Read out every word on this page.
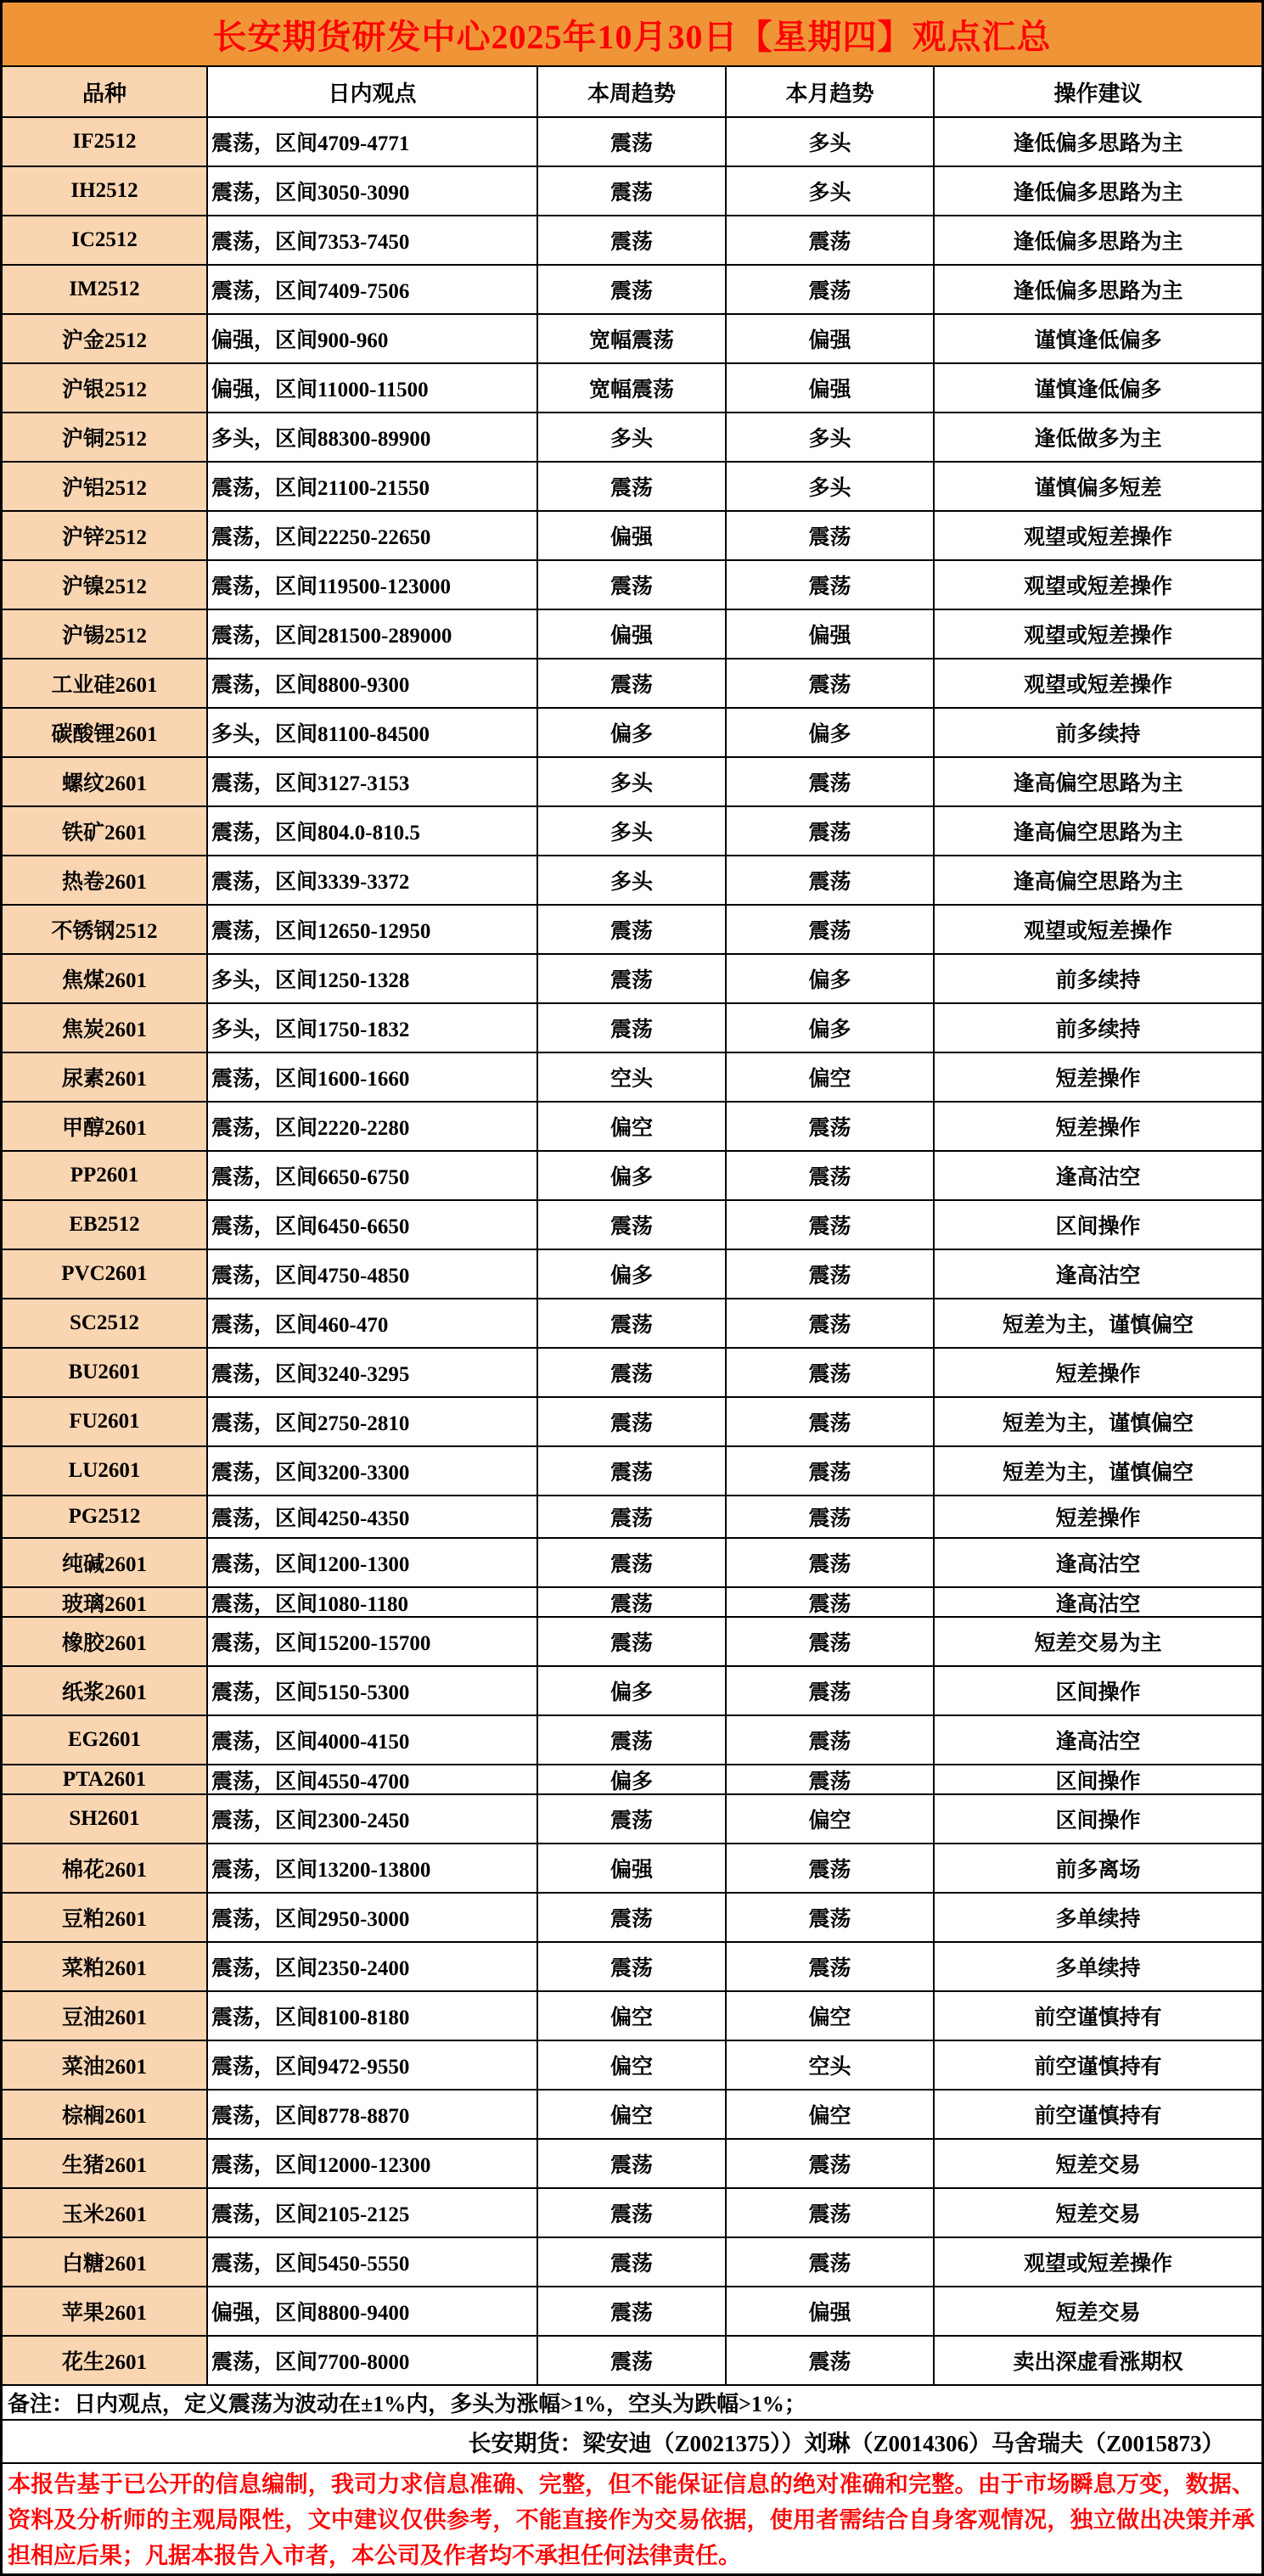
长安期货研发中心2025年10月30日【星期四】观点汇总
品种	日内观点	本周趋势	本月趋势	操作建议
IF2512	震荡，区间4709-4771	震荡	多头	逢低偏多思路为主
IH2512	震荡，区间3050-3090	震荡	多头	逢低偏多思路为主
IC2512	震荡，区间7353-7450	震荡	震荡	逢低偏多思路为主
IM2512	震荡，区间7409-7506	震荡	震荡	逢低偏多思路为主
沪金2512	偏强，区间900-960	宽幅震荡	偏强	谨慎逢低偏多
沪银2512	偏强，区间11000-11500	宽幅震荡	偏强	谨慎逢低偏多
沪铜2512	多头，区间88300-89900	多头	多头	逢低做多为主
沪铝2512	震荡，区间21100-21550	震荡	多头	谨慎偏多短差
沪锌2512	震荡，区间22250-22650	偏强	震荡	观望或短差操作
沪镍2512	震荡，区间119500-123000	震荡	震荡	观望或短差操作
沪锡2512	震荡，区间281500-289000	偏强	偏强	观望或短差操作
工业硅2601	震荡，区间8800-9300	震荡	震荡	观望或短差操作
碳酸锂2601	多头，区间81100-84500	偏多	偏多	前多续持
螺纹2601	震荡，区间3127-3153	多头	震荡	逢高偏空思路为主
铁矿2601	震荡，区间804.0-810.5	多头	震荡	逢高偏空思路为主
热卷2601	震荡，区间3339-3372	多头	震荡	逢高偏空思路为主
不锈钢2512	震荡，区间12650-12950	震荡	震荡	观望或短差操作
焦煤2601	多头，区间1250-1328	震荡	偏多	前多续持
焦炭2601	多头，区间1750-1832	震荡	偏多	前多续持
尿素2601	震荡，区间1600-1660	空头	偏空	短差操作
甲醇2601	震荡，区间2220-2280	偏空	震荡	短差操作
PP2601	震荡，区间6650-6750	偏多	震荡	逢高沽空
EB2512	震荡，区间6450-6650	震荡	震荡	区间操作
PVC2601	震荡，区间4750-4850	偏多	震荡	逢高沽空
SC2512	震荡，区间460-470	震荡	震荡	短差为主，谨慎偏空
BU2601	震荡，区间3240-3295	震荡	震荡	短差操作
FU2601	震荡，区间2750-2810	震荡	震荡	短差为主，谨慎偏空
LU2601	震荡，区间3200-3300	震荡	震荡	短差为主，谨慎偏空
PG2512	震荡，区间4250-4350	震荡	震荡	短差操作
纯碱2601	震荡，区间1200-1300	震荡	震荡	逢高沽空
玻璃2601	震荡，区间1080-1180	震荡	震荡	逢高沽空
橡胶2601	震荡，区间15200-15700	震荡	震荡	短差交易为主
纸浆2601	震荡，区间5150-5300	偏多	震荡	区间操作
EG2601	震荡，区间4000-4150	震荡	震荡	逢高沽空
PTA2601	震荡，区间4550-4700	偏多	震荡	区间操作
SH2601	震荡，区间2300-2450	震荡	偏空	区间操作
棉花2601	震荡，区间13200-13800	偏强	震荡	前多离场
豆粕2601	震荡，区间2950-3000	震荡	震荡	多单续持
菜粕2601	震荡，区间2350-2400	震荡	震荡	多单续持
豆油2601	震荡，区间8100-8180	偏空	偏空	前空谨慎持有
菜油2601	震荡，区间9472-9550	偏空	空头	前空谨慎持有
棕榈2601	震荡，区间8778-8870	偏空	偏空	前空谨慎持有
生猪2601	震荡，区间12000-12300	震荡	震荡	短差交易
玉米2601	震荡，区间2105-2125	震荡	震荡	短差交易
白糖2601	震荡，区间5450-5550	震荡	震荡	观望或短差操作
苹果2601	偏强，区间8800-9400	震荡	偏强	短差交易
花生2601	震荡，区间7700-8000	震荡	震荡	卖出深虚看涨期权
备注：日内观点，定义震荡为波动在±1%内，多头为涨幅>1%，空头为跌幅>1%；
长安期货：梁安迪（Z0021375））刘琳（Z0014306）马舍瑞夫（Z0015873）
本报告基于已公开的信息编制，我司力求信息准确、完整，但不能保证信息的绝对准确和完整。由于市场瞬息万变，数据、资料及分析师的主观局限性，文中建议仅供参考，不能直接作为交易依据，使用者需结合自身客观情况，独立做出决策并承担相应后果；凡据本报告入市者，本公司及作者均不承担任何法律责任。
